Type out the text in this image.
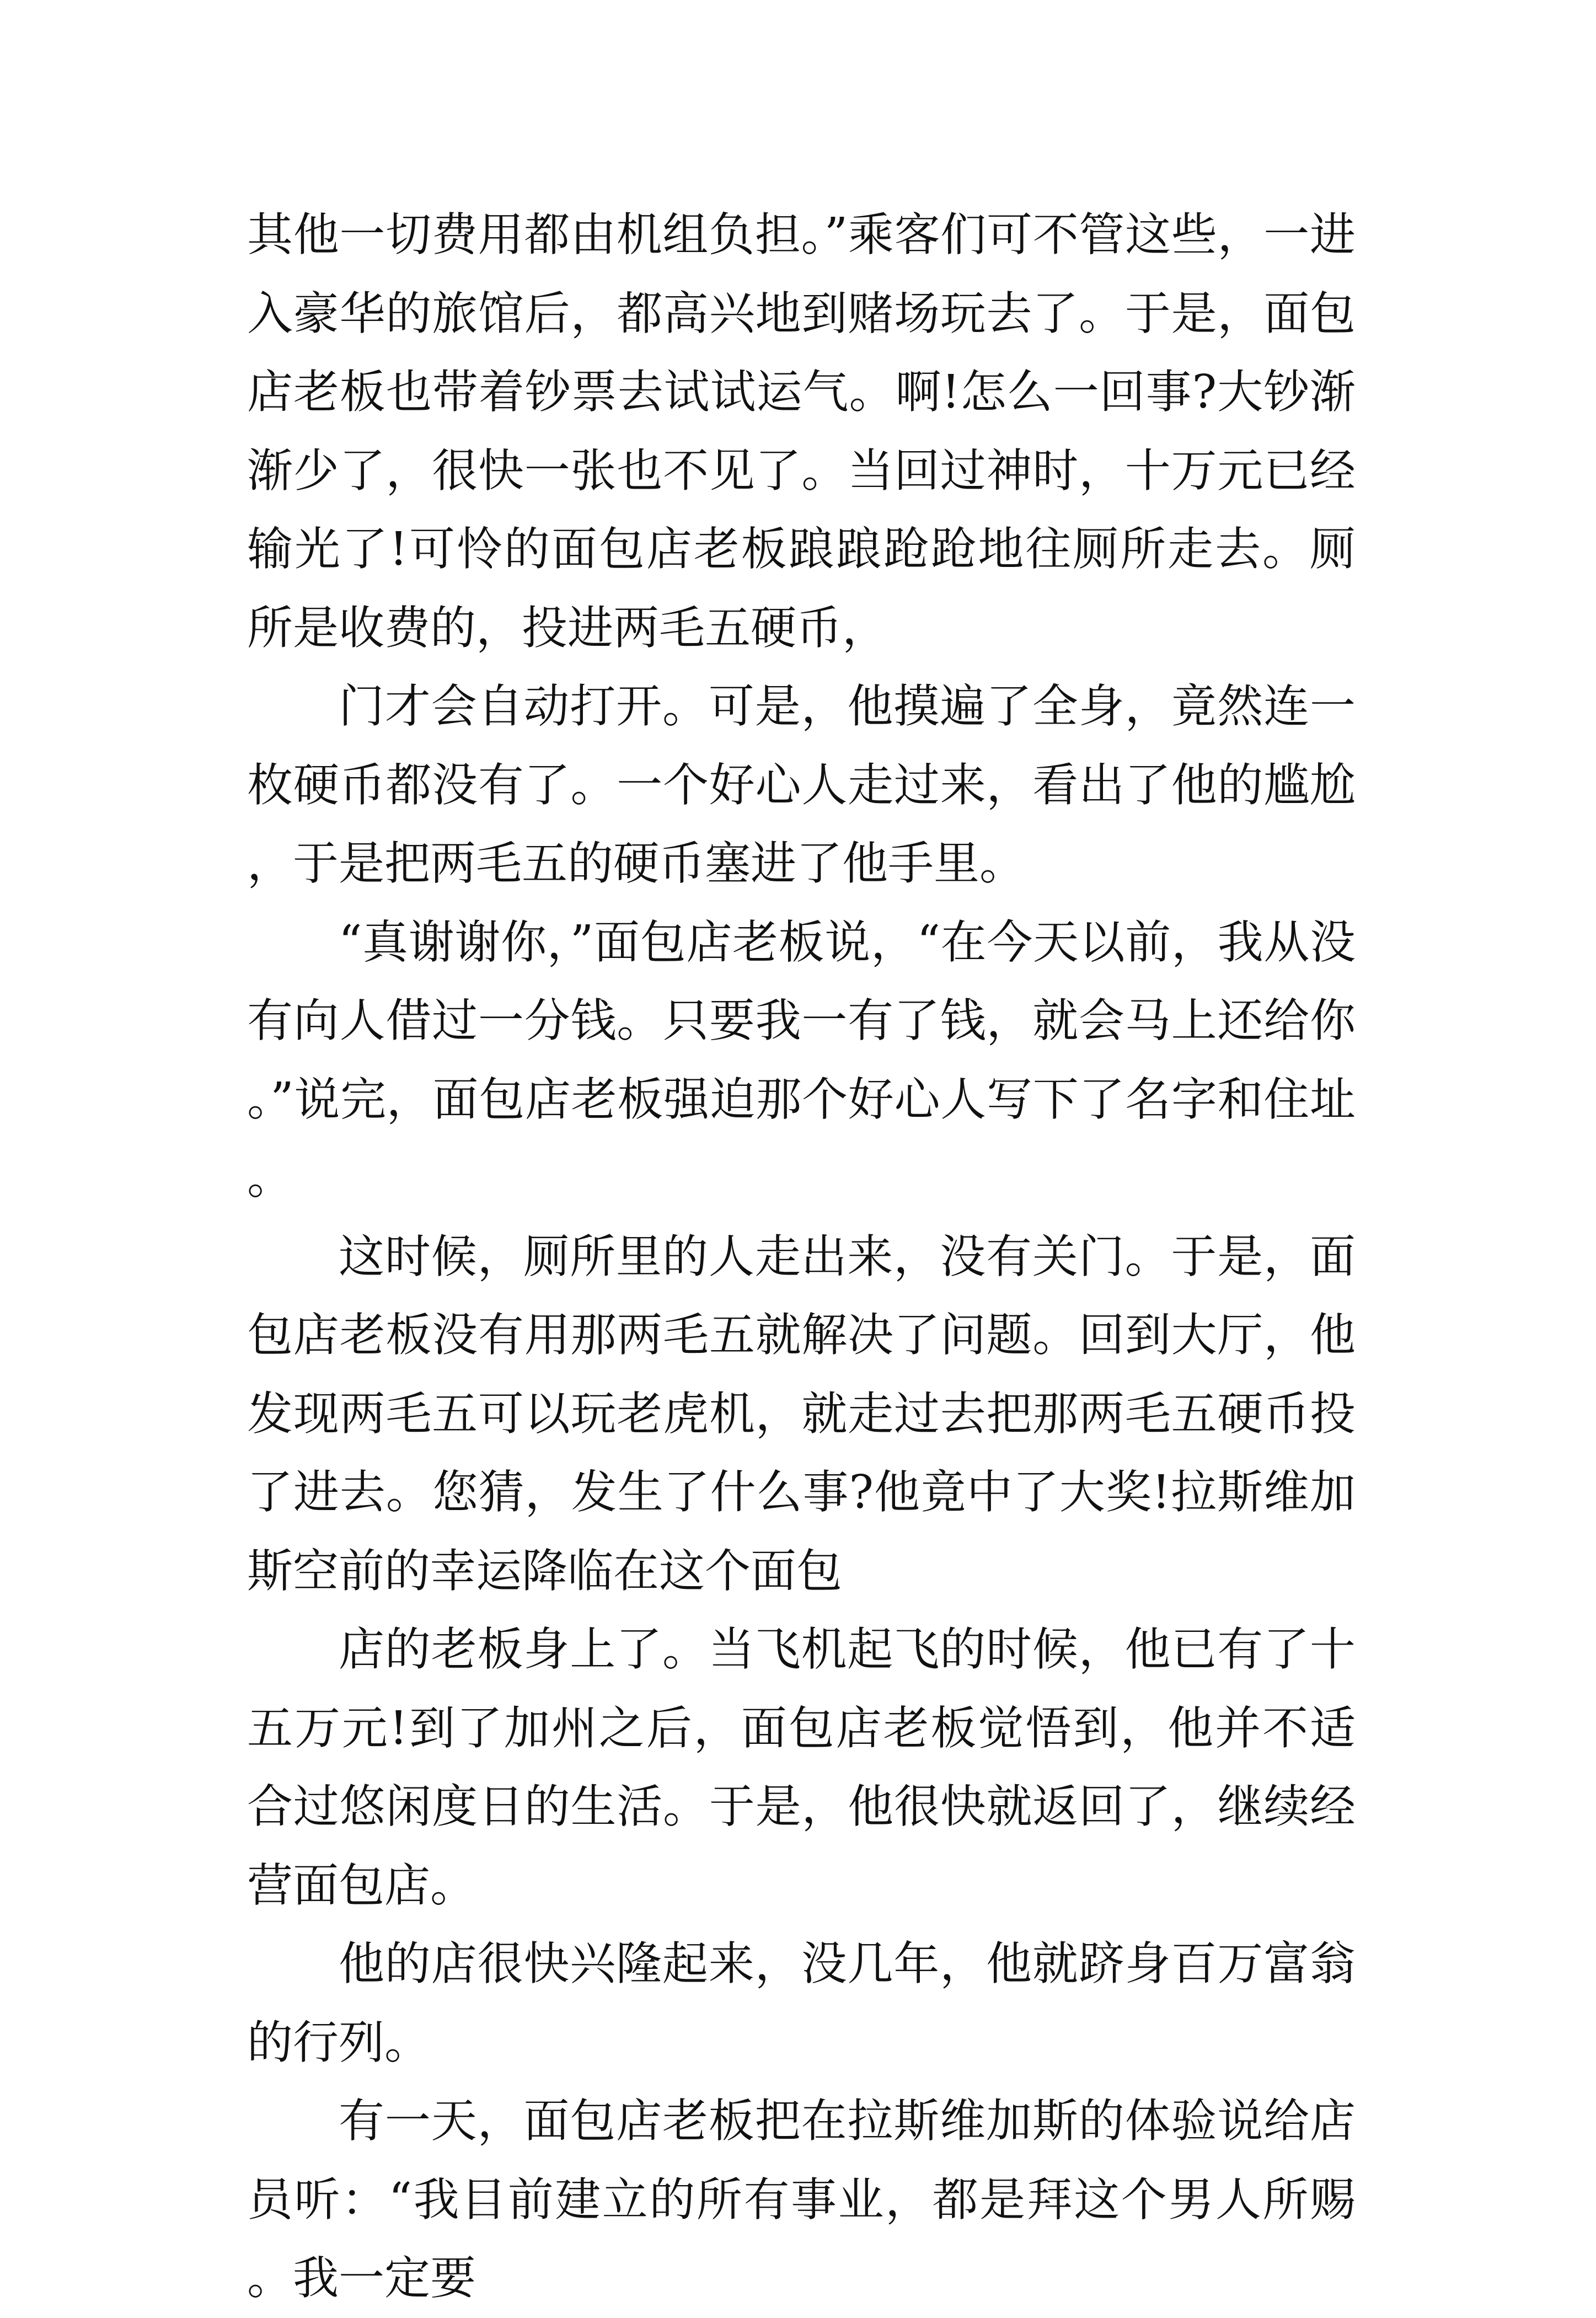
其他一切费用都由机组负担。”乘客们可不管这些，一进入豪华的旅馆后，都高兴地到赌场玩去了。于是，面包店老板也带着钞票去试试运气。啊!怎么一回事?大钞渐渐少了，很快一张也不见了。当回过神时，十万元已经输光了!可怜的面包店老板踉踉跄跄地往厕所走去。厕所是收费的，投进两毛五硬币，

门才会自动打开。可是，他摸遍了全身，竟然连一枚硬币都没有了。一个好心人走过来，看出了他的尴尬，于是把两毛五的硬币塞进了他手里。

“真谢谢你，”面包店老板说，“在今天以前，我从没有向人借过一分钱。只要我一有了钱，就会马上还给你。”说完，面包店老板强迫那个好心人写下了名字和住址。

这时候，厕所里的人走出来，没有关门。于是，面包店老板没有用那两毛五就解决了问题。回到大厅，他发现两毛五可以玩老虎机，就走过去把那两毛五硬币投了进去。您猜，发生了什么事?他竟中了大奖!拉斯维加斯空前的幸运降临在这个面包

店的老板身上了。当飞机起飞的时候，他已有了十五万元!到了加州之后，面包店老板觉悟到，他并不适合过悠闲度日的生活。于是，他很快就返回了，继续经营面包店。

他的店很快兴隆起来，没几年，他就跻身百万富翁的行列。

有一天，面包店老板把在拉斯维加斯的体验说给店员听：“我目前建立的所有事业，都是拜这个男人所赐。我一定要
